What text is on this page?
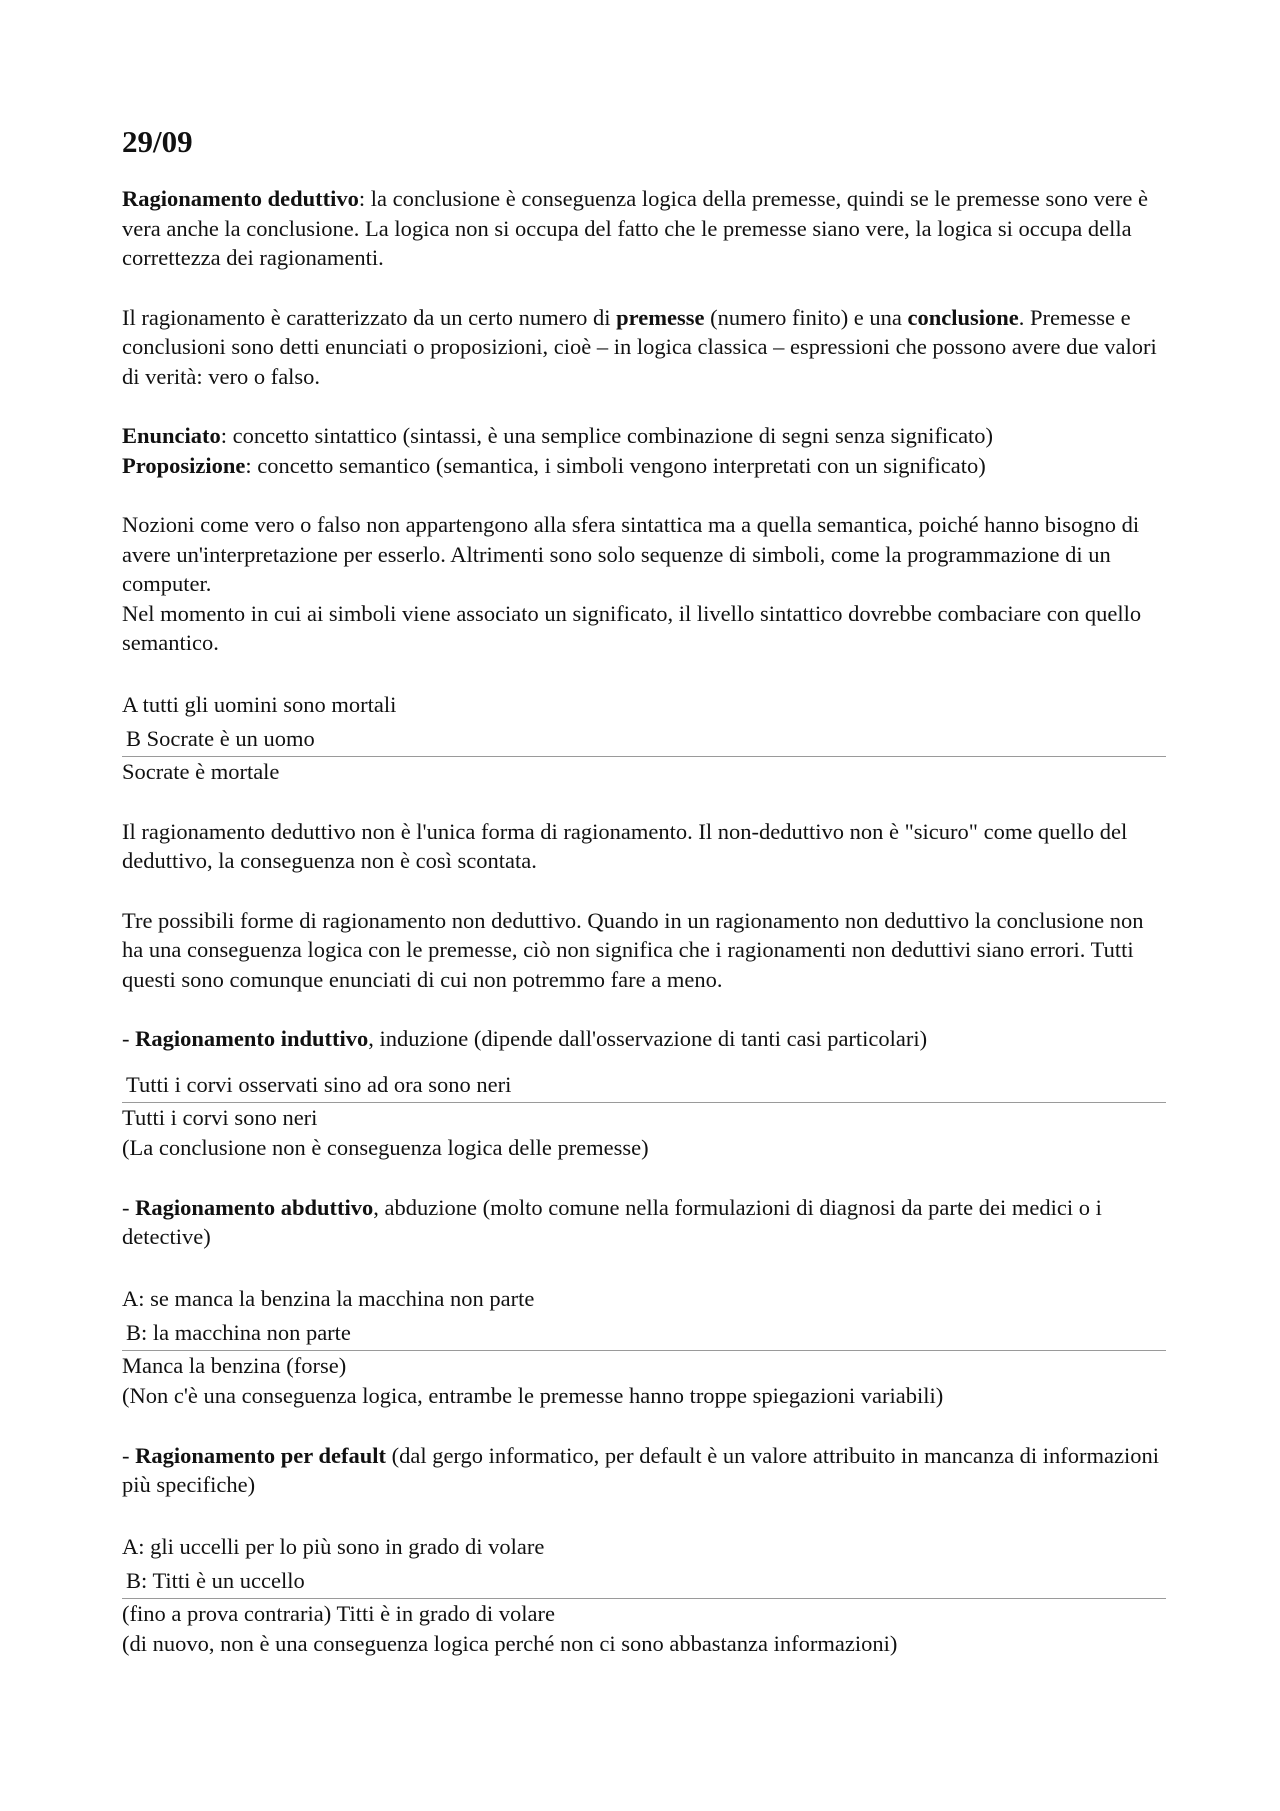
29/09

Ragionamento deduttivo: la conclusione è conseguenza logica della premesse, quindi se le premesse sono vere è vera anche la conclusione. La logica non si occupa del fatto che le premesse siano vere, la logica si occupa della correttezza dei ragionamenti.

Il ragionamento è caratterizzato da un certo numero di premesse (numero finito) e una conclusione. Premesse e conclusioni sono detti enunciati o proposizioni, cioè – in logica classica – espressioni che possono avere due valori di verità: vero o falso.

Enunciato: concetto sintattico (sintassi, è una semplice combinazione di segni senza significato)
Proposizione: concetto semantico (semantica, i simboli vengono interpretati con un significato)

Nozioni come vero o falso non appartengono alla sfera sintattica ma a quella semantica, poiché hanno bisogno di avere un'interpretazione per esserlo. Altrimenti sono solo sequenze di simboli, come la programmazione di un computer.
Nel momento in cui ai simboli viene associato un significato, il livello sintattico dovrebbe combaciare con quello semantico.

A tutti gli uomini sono mortali
B Socrate è un uomo
Socrate è mortale

Il ragionamento deduttivo non è l'unica forma di ragionamento. Il non-deduttivo non è "sicuro" come quello del deduttivo, la conseguenza non è così scontata.

Tre possibili forme di ragionamento non deduttivo. Quando in un ragionamento non deduttivo la conclusione non ha una conseguenza logica con le premesse, ciò non significa che i ragionamenti non deduttivi siano errori. Tutti questi sono comunque enunciati di cui non potremmo fare a meno.

- Ragionamento induttivo, induzione (dipende dall'osservazione di tanti casi particolari)

Tutti i corvi osservati sino ad ora sono neri
Tutti i corvi sono neri
(La conclusione non è conseguenza logica delle premesse)

- Ragionamento abduttivo, abduzione (molto comune nella formulazioni di diagnosi da parte dei medici o i detective)

A: se manca la benzina la macchina non parte
B: la macchina non parte
Manca la benzina (forse)
(Non c'è una conseguenza logica, entrambe le premesse hanno troppe spiegazioni variabili)

- Ragionamento per default (dal gergo informatico, per default è un valore attribuito in mancanza di informazioni più specifiche)

A: gli uccelli per lo più sono in grado di volare
B: Titti è un uccello
(fino a prova contraria) Titti è in grado di volare
(di nuovo, non è una conseguenza logica perché non ci sono abbastanza informazioni)
